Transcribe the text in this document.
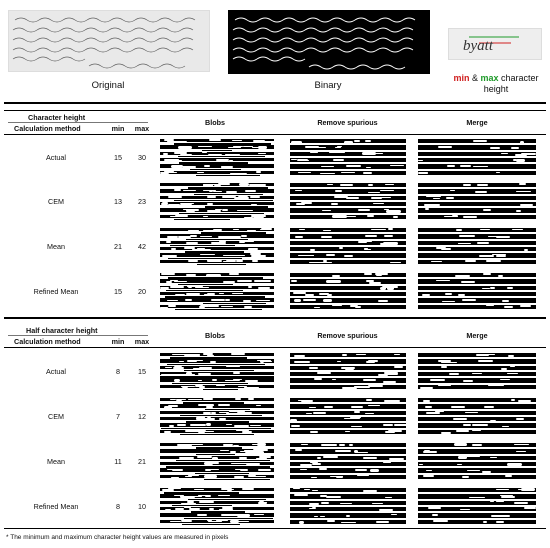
Original	Binary
byatt
min & max character
height
Character height
Calculation method	min	max
Blobs	Remove spurious	Merge
Actual	15	30
CEM	13	23
Mean	21	42
Refined Mean	15	20
Half character height
Calculation method	min	max
Blobs	Remove spurious	Merge
Actual	8	15
CEM	7	12
Mean	11	21
Refined Mean	8	10
* The minimum and maximum character height values are measured in pixels
